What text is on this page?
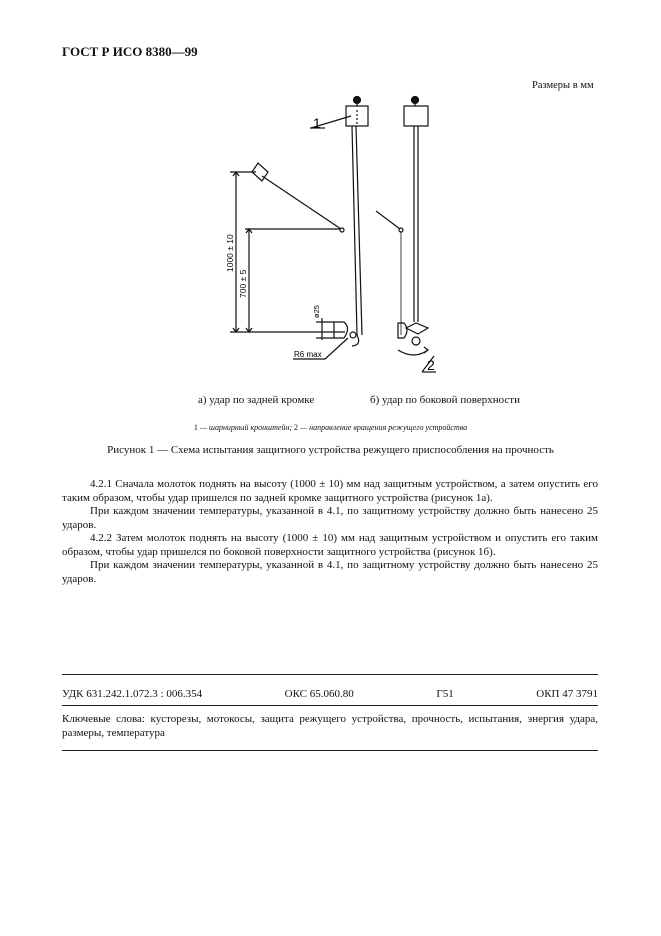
ГОСТ Р ИСО 8380—99
Размеры в мм
1
2
1000 ± 10
700 ± 5
ø25
R6 max
а) удар по задней кромке	б) удар по боковой поверхности
1 — шарнирный кронштейн; 2 — направление вращения режущего устройства
Рисунок 1 — Схема испытания защитного устройства режущего приспособления на прочность

4.2.1 Сначала молоток поднять на высоту (1000 ± 10) мм над защитным устройством, а затем опустить его таким образом, чтобы удар пришелся по задней кромке защитного устройства (рисунок 1а).

При каждом значении температуры, указанной в 4.1, по защитному устройству должно быть нанесено 25 ударов.

4.2.2 Затем молоток поднять на высоту (1000 ± 10) мм над защитным устройством и опустить его таким образом, чтобы удар пришелся по боковой поверхности защитного устройства (рисунок 1б).

При каждом значении температуры, указанной в 4.1, по защитному устройству должно быть нанесено 25 ударов.

УДК 631.242.1.072.3 : 006.354	ОКС 65.060.80	Г51	ОКП 47 3791
Ключевые слова: кусторезы, мотокосы, защита режущего устройства, прочность, испытания, энергия удара, размеры, температура
